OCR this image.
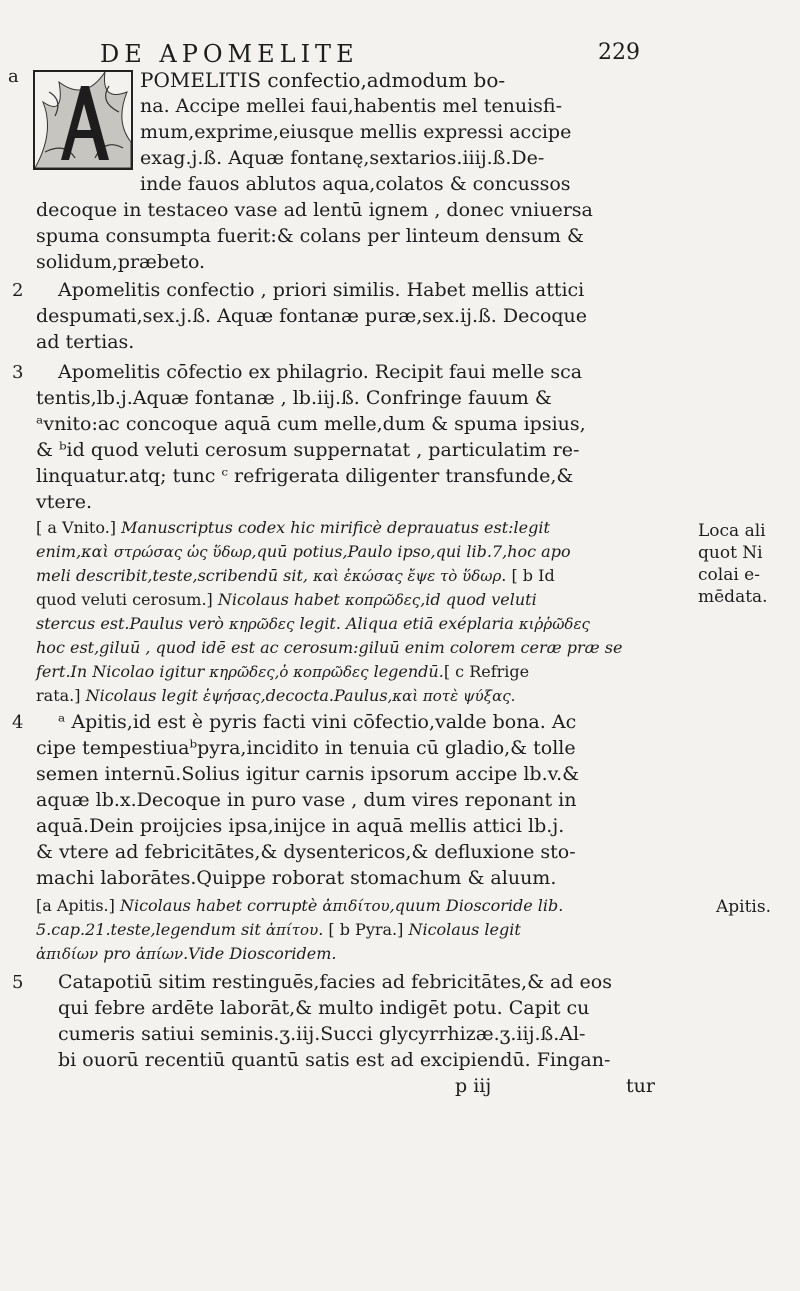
DE APOMELITE	229
a	POMELITIS confectio,admodum bo-
na. Accipe mellei faui,habentis mel tenuisfi-
mum,exprime,eiusque mellis expressi accipe
exag.j.ß. Aquæ fontanę,sextarios.iiij.ß.De-
inde fauos ablutos aqua,colatos & concussos
decoque in testaceo vase ad lentū ignem , donec vniuersa
spuma consumpta fuerit:& colans per linteum densum &
solidum,præbeto.
2 Apomelitis confectio , priori similis. Habet mellis attici
despumati,sex.j.ß. Aquæ fontanæ puræ,sex.ij.ß. Decoque
ad tertias.
3 Apomelitis cōfectio ex philagrio. Recipit faui melle sca
tentis,lb.j.Aquæ fontanæ , lb.iij.ß. Confringe fauum &
ᵃvnito:ac concoque aquā cum melle,dum & spuma ipsius,
& ᵇid quod veluti cerosum suppernatat , particulatim re-
linquatur.atq; tunc ᶜ refrigerata diligenter transfunde,&
vtere.
[ a Vnito.] Manuscriptus codex hic mirificè deprauatus est:legit
enim,καὶ στρώσας ὡς ὕδωρ,quū potius,Paulo ipso,qui lib.7,hoc apo
meli describit,teste,scribendū sit, καὶ ἑκώσας ἔψε τὸ ὕδωρ. [ b Id
quod veluti cerosum.] Nicolaus habet κοπρῶδες,id quod veluti
stercus est.Paulus verò κηρῶδες legit. Aliqua etiā exéplaria κιῤῥῶδες
hoc est,giluū , quod idē est ac cerosum:giluū enim colorem ceræ præ se
fert.In Nicolao igitur κηρῶδες,ὁ κοπρῶδες legendū.[ c Refrige
rata.] Nicolaus legit ἑψήσας,decocta.Paulus,καὶ ποτὲ ψύξας.
4 ᵃ Apitis,id est è pyris facti vini cōfectio,valde bona. Ac
cipe tempestiuaᵇpyra,incidito in tenuia cū gladio,& tolle
semen internū.Solius igitur carnis ipsorum accipe lb.v.&
aquæ lb.x.Decoque in puro vase , dum vires reponant in
aquā.Dein proijcies ipsa,inijce in aquā mellis attici lb.j.
& vtere ad febricitātes,& dysentericos,& defluxione sto-
machi laborātes.Quippe roborat stomachum & aluum.
[a Apitis.] Nicolaus habet corruptè ἀπιδίτου,quum Dioscoride lib.
5.cap.21.teste,legendum sit ἀπίτου. [ b Pyra.] Nicolaus legit
ἀπιδίων pro ἀπίων.Vide Dioscoridem.
5 Catapotiū sitim restinguēs,facies ad febricitātes,& ad eos
qui febre ardēte laborāt,& multo indigēt potu. Capit cu
cumeris satiui seminis.ʒ.iij.Succi glycyrrhizæ.ʒ.iij.ß.Al-
bi ouorū recentiū quantū satis est ad excipiendū. Fingan-
p iij	tur
Loca ali
quot Ni
colai e-
mēdata.
Apitis.
